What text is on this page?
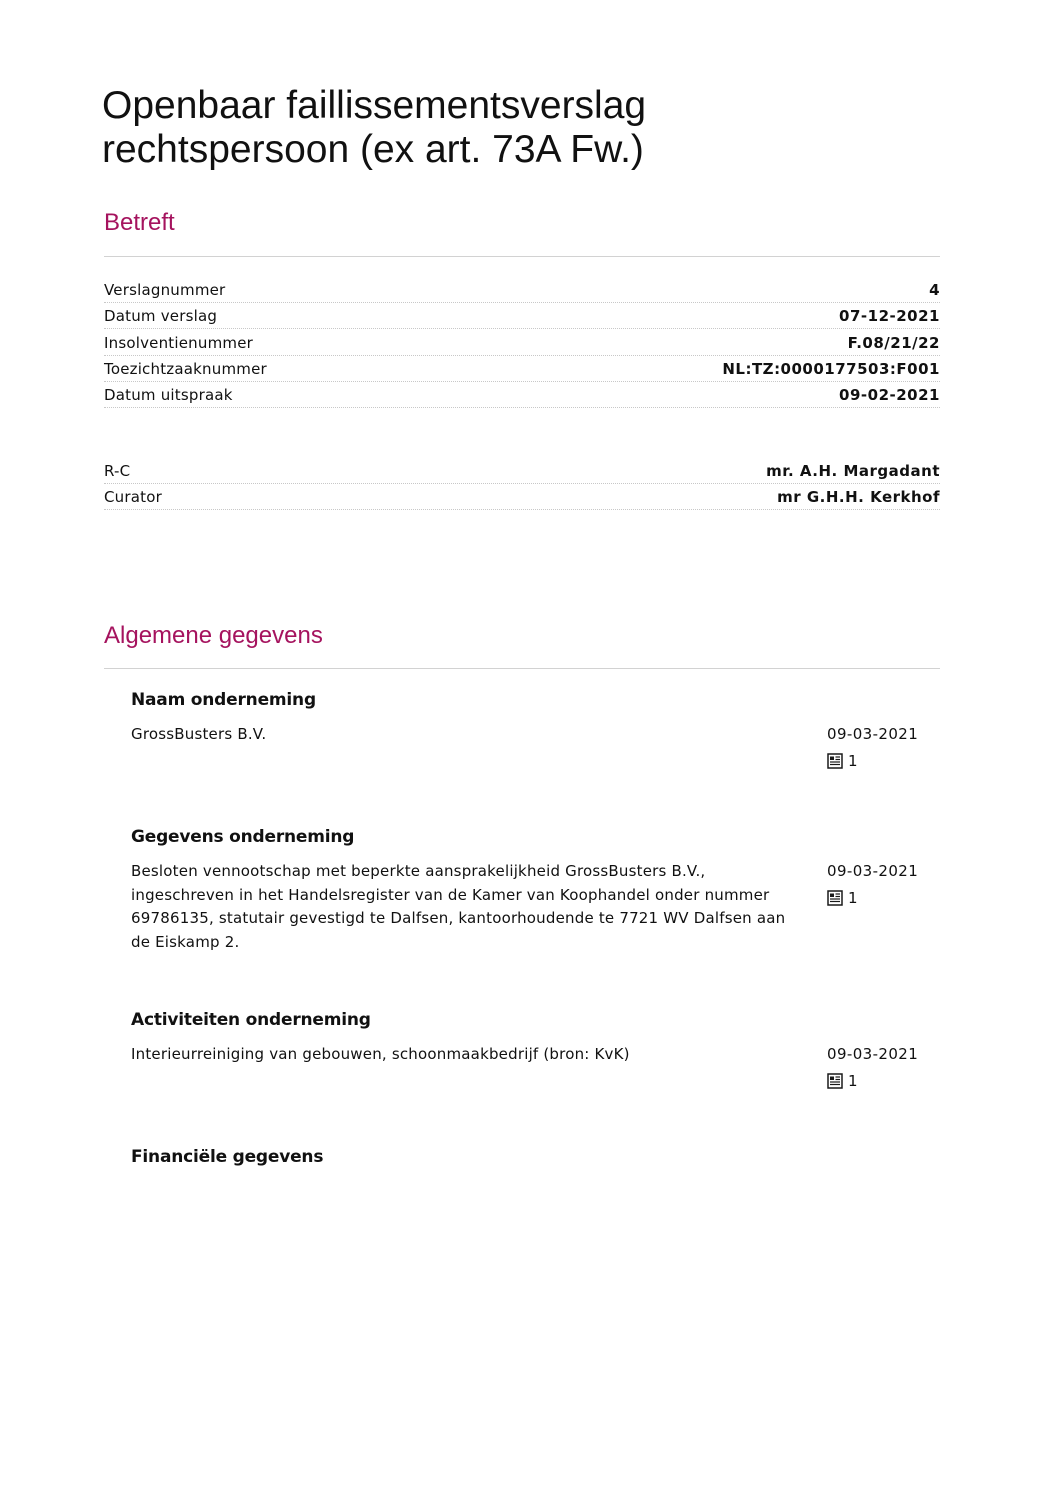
Openbaar faillissementsverslag
rechtspersoon (ex art. 73A Fw.)
Betreft
Verslagnummer	4
Datum verslag	07-12-2021
Insolventienummer	F.08/21/22
Toezichtzaaknummer	NL:TZ:0000177503:F001
Datum uitspraak	09-02-2021
R-C	mr. A.H. Margadant
Curator	mr G.H.H. Kerkhof
Algemene gegevens
Naam onderneming
GrossBusters B.V.	09-03-2021
1
Gegevens onderneming
Besloten vennootschap met beperkte aansprakelijkheid GrossBusters B.V., ingeschreven in het Handelsregister van de Kamer van Koophandel onder nummer 69786135, statutair gevestigd te Dalfsen, kantoorhoudende te 7721 WV Dalfsen aan de Eiskamp 2.
09-03-2021
1
Activiteiten onderneming
Interieurreiniging van gebouwen, schoonmaakbedrijf (bron: KvK)	09-03-2021
1
Financiële gegevens
